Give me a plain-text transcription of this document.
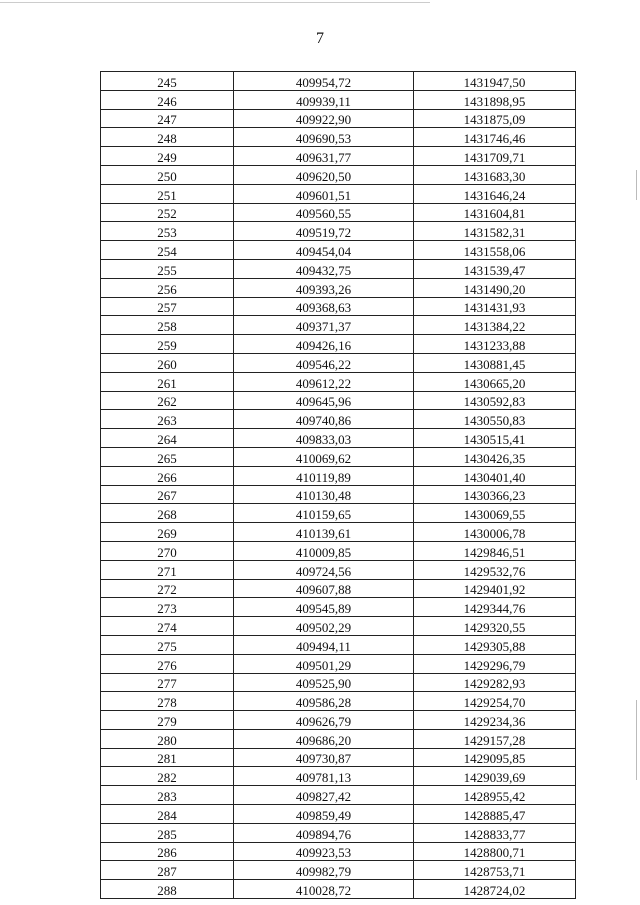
7
245	409954,72	1431947,50
246	409939,11	1431898,95
247	409922,90	1431875,09
248	409690,53	1431746,46
249	409631,77	1431709,71
250	409620,50	1431683,30
251	409601,51	1431646,24
252	409560,55	1431604,81
253	409519,72	1431582,31
254	409454,04	1431558,06
255	409432,75	1431539,47
256	409393,26	1431490,20
257	409368,63	1431431,93
258	409371,37	1431384,22
259	409426,16	1431233,88
260	409546,22	1430881,45
261	409612,22	1430665,20
262	409645,96	1430592,83
263	409740,86	1430550,83
264	409833,03	1430515,41
265	410069,62	1430426,35
266	410119,89	1430401,40
267	410130,48	1430366,23
268	410159,65	1430069,55
269	410139,61	1430006,78
270	410009,85	1429846,51
271	409724,56	1429532,76
272	409607,88	1429401,92
273	409545,89	1429344,76
274	409502,29	1429320,55
275	409494,11	1429305,88
276	409501,29	1429296,79
277	409525,90	1429282,93
278	409586,28	1429254,70
279	409626,79	1429234,36
280	409686,20	1429157,28
281	409730,87	1429095,85
282	409781,13	1429039,69
283	409827,42	1428955,42
284	409859,49	1428885,47
285	409894,76	1428833,77
286	409923,53	1428800,71
287	409982,79	1428753,71
288	410028,72	1428724,02
